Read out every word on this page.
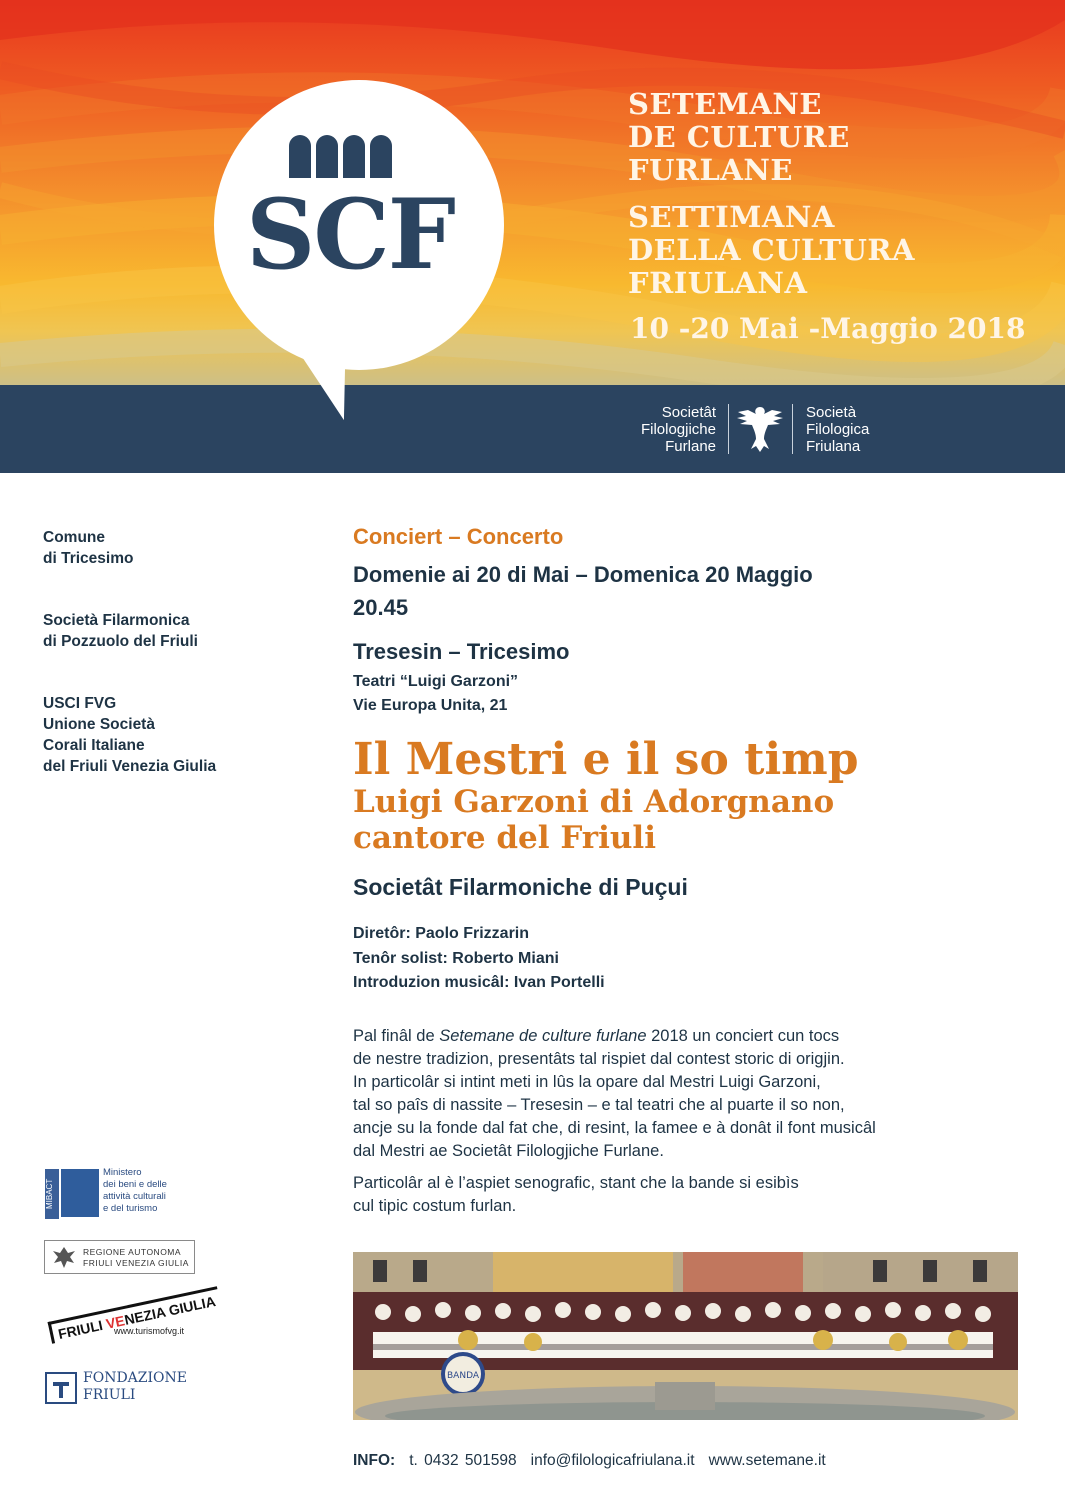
SCF
SETEMANE
DE CULTURE
FURLANE
SETTIMANA
DELLA CULTURA
FRIULANA
10 -20 Mai -Maggio 2018
Societât
Filologjiche
Furlane
Società
Filologica
Friulana
Comune
di Tricesimo
Società Filarmonica
di Pozzuolo del Friuli
USCI FVG
Unione Società
Corali Italiane
del Friuli Venezia Giulia
MIBACT
Ministero
dei beni e delle
attività culturali
e del turismo
REGIONE AUTONOMA
FRIULI VENEZIA GIULIA
FRIULI VENEZIA GIULIA
www.turismofvg.it
FONDAZIONE
FRIULI
Conciert – Concerto
Domenie ai 20 di Mai – Domenica 20 Maggio
20.45
Tresesin – Tricesimo
Teatri “Luigi Garzoni”
Vie Europa Unita, 21
Il Mestri e il so timp
Luigi Garzoni di Adorgnano
cantore del Friuli
Societât Filarmoniche di Puçui
Diretôr: Paolo Frizzarin
Tenôr solist: Roberto Miani
Introduzion musicâl: Ivan Portelli

Pal finâl de Setemane de culture furlane 2018 un conciert cun tocs
de nestre tradizion, presentâts tal rispiet dal contest storic di origjin.
In particolâr si intint meti in lûs la opare dal Mestri Luigi Garzoni,
tal so paîs di nassite – Tresesin – e tal teatri che al puarte il so non,
ancje su la fonde dal fat che, di resint, la famee e à donât il font musicâl
dal Mestri ae Societât Filologjiche Furlane.

Particolâr al è l’aspiet senografic, stant che la bande si esibìs
cul tipic costum furlan.

BANDA
INFO: t. 0432 501598 info@filologicafriulana.it www.setemane.it
